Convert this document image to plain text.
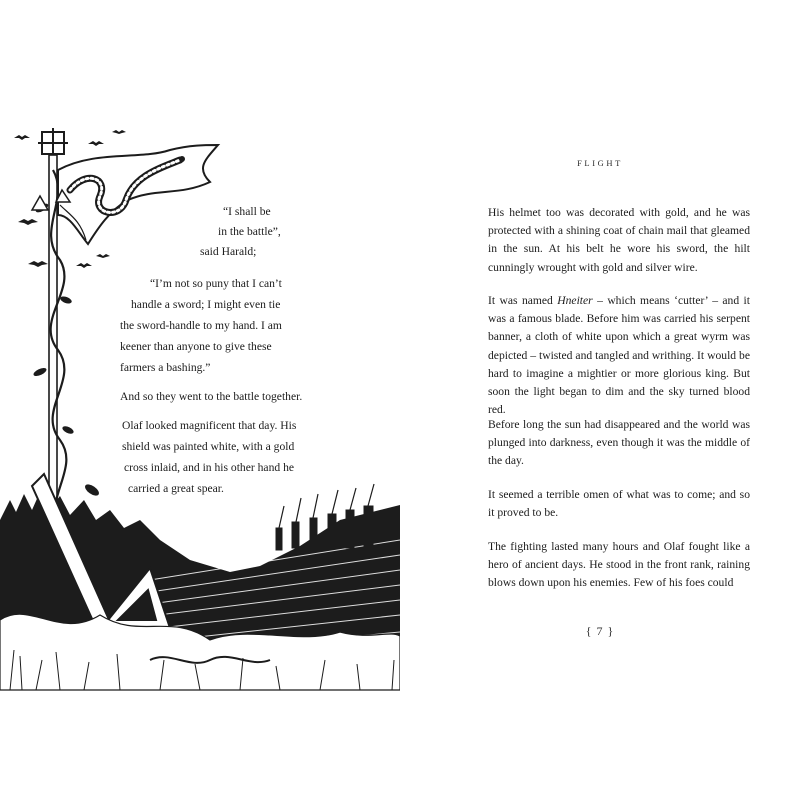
“I shall be
in the battle”,
said Harald;
“I’m not so puny that I can’t
handle a sword; I might even tie
the sword-handle to my hand. I am
keener than anyone to give these
farmers a bashing.”
And so they went to the battle together.
Olaf looked magnificent that day. His
shield was painted white, with a gold
cross inlaid, and in his other hand he
carried a great spear.
FLIGHT

His helmet too was decorated with gold, and he was protected with a shining coat of chain mail that gleamed in the sun. At his belt he wore his sword, the hilt cunningly wrought with gold and silver wire.

It was named Hneiter – which means ‘cutter’ – and it was a famous blade. Before him was carried his serpent banner, a cloth of white upon which a great wyrm was depicted – twisted and tangled and writhing. It would be hard to imagine a mightier or more glorious king. But soon the light began to dim and the sky turned blood red.

Before long the sun had disappeared and the world was plunged into darkness, even though it was the middle of the day.

It seemed a terrible omen of what was to come; and so it proved to be.

The fighting lasted many hours and Olaf fought like a hero of ancient days. He stood in the front rank, raining blows down upon his enemies. Few of his foes could

{ 7 }
